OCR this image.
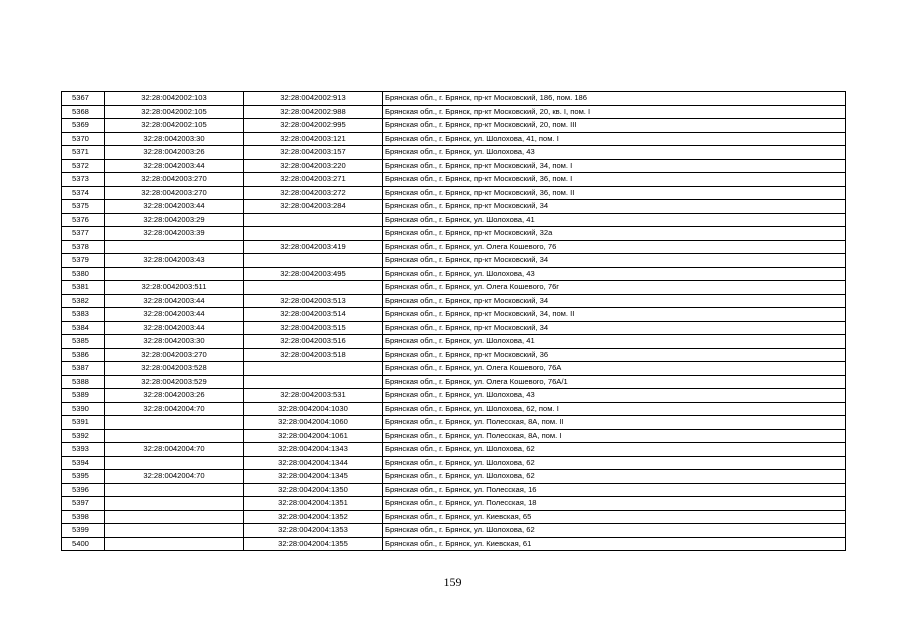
5367	32:28:0042002:103	32:28:0042002:913	Брянская обл., г. Брянск, пр-кт Московский, 186, пом. 186
5368	32:28:0042002:105	32:28:0042002:988	Брянская обл., г. Брянск, пр-кт Московский, 20, кв. I, пом. I
5369	32:28:0042002:105	32:28:0042002:995	Брянская обл., г. Брянск, пр-кт Московский, 20, пом. III
5370	32:28:0042003:30	32:28:0042003:121	Брянская обл., г. Брянск, ул. Шолохова, 41, пом. I
5371	32:28:0042003:26	32:28:0042003:157	Брянская обл., г. Брянск, ул. Шолохова, 43
5372	32:28:0042003:44	32:28:0042003:220	Брянская обл., г. Брянск, пр-кт Московский, 34, пом. I
5373	32:28:0042003:270	32:28:0042003:271	Брянская обл., г. Брянск, пр-кт Московский, 36, пом. I
5374	32:28:0042003:270	32:28:0042003:272	Брянская обл., г. Брянск, пр-кт Московский, 36, пом. II
5375	32:28:0042003:44	32:28:0042003:284	Брянская обл., г. Брянск, пр-кт Московский, 34
5376	32:28:0042003:29		Брянская обл., г. Брянск, ул. Шолохова, 41
5377	32:28:0042003:39		Брянская обл., г. Брянск, пр-кт Московский, 32а
5378		32:28:0042003:419	Брянская обл., г. Брянск, ул. Олега Кошевого, 76
5379	32:28:0042003:43		Брянская обл., г. Брянск, пр-кт Московский, 34
5380		32:28:0042003:495	Брянская обл., г. Брянск, ул. Шолохова, 43
5381	32:28:0042003:511		Брянская обл., г. Брянск, ул. Олега Кошевого, 76г
5382	32:28:0042003:44	32:28:0042003:513	Брянская обл., г. Брянск, пр-кт Московский, 34
5383	32:28:0042003:44	32:28:0042003:514	Брянская обл., г. Брянск, пр-кт Московский, 34, пом. II
5384	32:28:0042003:44	32:28:0042003:515	Брянская обл., г. Брянск, пр-кт Московский, 34
5385	32:28:0042003:30	32:28:0042003:516	Брянская обл., г. Брянск, ул. Шолохова, 41
5386	32:28:0042003:270	32:28:0042003:518	Брянская обл., г. Брянск, пр-кт Московский, 36
5387	32:28:0042003:528		Брянская обл., г. Брянск, ул. Олега Кошевого, 76А
5388	32:28:0042003:529		Брянская обл., г. Брянск, ул. Олега Кошевого, 76А/1
5389	32:28:0042003:26	32:28:0042003:531	Брянская обл., г. Брянск, ул. Шолохова, 43
5390	32:28:0042004:70	32:28:0042004:1030	Брянская обл., г. Брянск, ул. Шолохова, 62, пом. I
5391		32:28:0042004:1060	Брянская обл., г. Брянск, ул. Полесская, 8А, пом. II
5392		32:28:0042004:1061	Брянская обл., г. Брянск, ул. Полесская, 8А, пом. I
5393	32:28:0042004:70	32:28:0042004:1343	Брянская обл., г. Брянск, ул. Шолохова, 62
5394		32:28:0042004:1344	Брянская обл., г. Брянск, ул. Шолохова, 62
5395	32:28:0042004:70	32:28:0042004:1345	Брянская обл., г. Брянск, ул. Шолохова, 62
5396		32:28:0042004:1350	Брянская обл., г. Брянск, ул. Полесская, 16
5397		32:28:0042004:1351	Брянская обл., г. Брянск, ул. Полесская, 18
5398		32:28:0042004:1352	Брянская обл., г. Брянск, ул. Киевская, 65
5399		32:28:0042004:1353	Брянская обл., г. Брянск, ул. Шолохова, 62
5400		32:28:0042004:1355	Брянская обл., г. Брянск, ул. Киевская, 61
159
